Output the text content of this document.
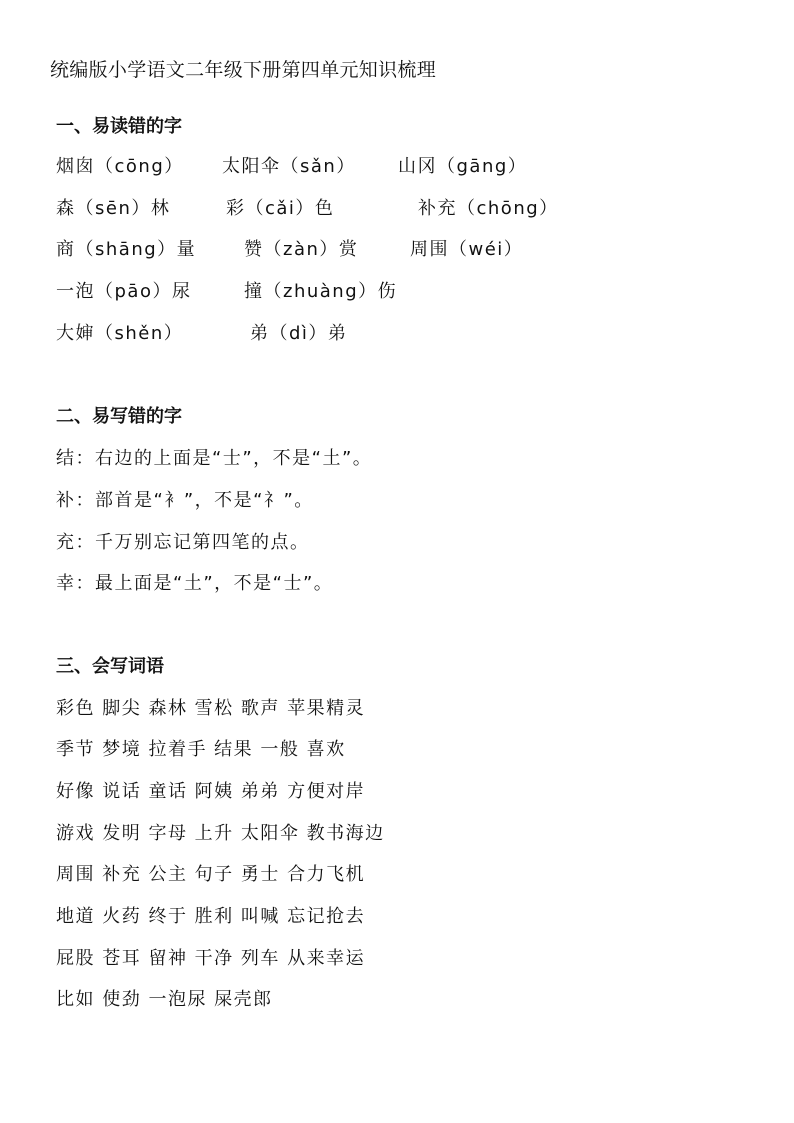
统编版小学语文二年级下册第四单元知识梳理
一、易读错的字
烟囱（cōng） 太阳伞（sǎn） 山冈（gāng）
森（sēn）林	彩（cǎi）色	补充（chōng）
商（shāng）量	赞（zàn）赏	周围（wéi）
一泡（pāo）尿	撞（zhuàng）伤
大婶（shěn）	弟（dì）弟
二、易写错的字
结：右边的上面是“士”，不是“土”。
补：部首是“衤”，不是“礻”。
充：千万别忘记第四笔的点。
幸：最上面是“土”，不是“士”。
三、会写词语
彩色 脚尖 森林 雪松 歌声 苹果精灵
季节 梦境 拉着手 结果 一般 喜欢
好像 说话 童话 阿姨 弟弟 方便对岸
游戏 发明 字母 上升 太阳伞 教书海边
周围 补充 公主 句子 勇士 合力飞机
地道 火药 终于 胜利 叫喊 忘记抢去
屁股 苍耳 留神 干净 列车 从来幸运
比如 使劲 一泡尿 屎壳郎
